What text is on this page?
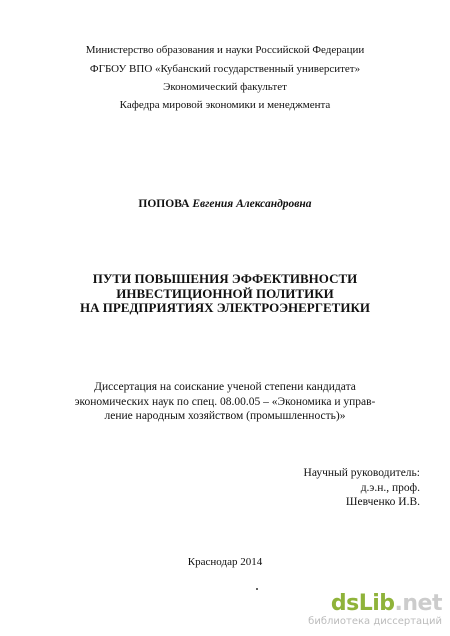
Министерство образования и науки Российской Федерации
ФГБОУ ВПО «Кубанский государственный университет»
Экономический факультет
Кафедра мировой экономики и менеджмента
ПОПОВА Евгения Александровна
ПУТИ ПОВЫШЕНИЯ ЭФФЕКТИВНОСТИ
ИНВЕСТИЦИОННОЙ ПОЛИТИКИ
НА ПРЕДПРИЯТИЯХ ЭЛЕКТРОЭНЕРГЕТИКИ
Диссертация на соискание ученой степени кандидата
экономических наук по спец. 08.00.05 – «Экономика и управ-
ление народным хозяйством (промышленность)»
Научный руководитель:
д.э.н., проф.
Шевченко И.В.
Краснодар 2014
dsLib.net
библиотека диссертаций
